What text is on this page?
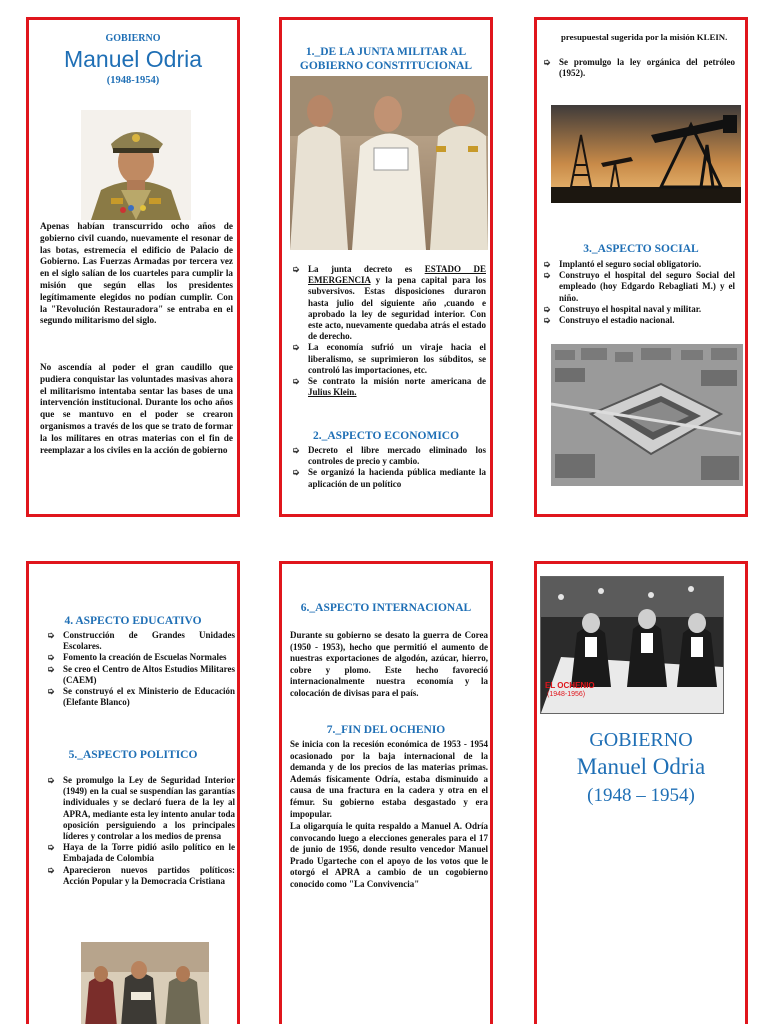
GOBIERNO
Manuel Odria
(1948-1954)
Apenas habían transcurrido ocho años de gobierno civil cuando, nuevamente el resonar de las botas, estremecía el edificio de Palacio de Gobierno. Las Fuerzas Armadas por tercera vez en el siglo salían de los cuarteles para cumplir la misión que según ellas los presidentes legítimamente elegidos no podían cumplir. Con la "Revolución Restauradora" se entraba en el segundo militarismo del siglo.
No ascendía al poder el gran caudillo que pudiera conquistar las voluntades masivas ahora el militarismo intentaba sentar las bases de una intervención institucional. Durante los ocho años que se mantuvo en el poder se crearon organismos a través de los que se trato de formar la los militares en otras materias con el fin de reemplazar a los civiles en la acción de gobierno
1._DE LA JUNTA MILITAR AL GOBIERNO CONSTITUCIONAL
➭ La junta decreto es ESTADO DE EMERGENCIA y la pena capital para los subversivos. Estas disposiciones duraron hasta julio del siguiente año ,cuando e aprobado la ley de seguridad interior. Con este acto, nuevamente quedaba atrás el estado de derecho.
➭ La economía sufrió un viraje hacia el liberalismo, se suprimieron los súbditos, se controló las importaciones, etc.
➭ Se contrato la misión norte americana de Julius Klein.
2._ASPECTO ECONOMICO
➭ Decreto el libre mercado eliminado los controles de precio y cambio.
➭ Se organizó la hacienda pública mediante la aplicación de un político
presupuestal sugerida por la misión KLEIN.
➭ Se promulgo la ley orgánica del petróleo (1952).
3._ASPECTO SOCIAL
➭ Implantó el seguro social obligatorio.
➭ Construyo el hospital del seguro Social del empleado (hoy Edgardo Rebagliati M.) y el niño.
➭ Construyo el hospital naval y militar.
➭ Construyo el estadio nacional.
4. ASPECTO EDUCATIVO
➭ Construcción de Grandes Unidades Escolares.
➭ Fomento la creación de Escuelas Normales
➭ Se creo el Centro de Altos Estudios Militares (CAEM)
➭ Se construyó el ex Ministerio de Educación (Elefante Blanco)
5._ASPECTO POLITICO
➭ Se promulgo la Ley de Seguridad Interior (1949) en la cual se suspendían las garantías individuales y se declaró fuera de la ley al APRA, mediante esta ley intento anular toda oposición persiguiendo a los principales líderes y controlar a los medios de prensa
➭ Haya de la Torre pidió asilo político en le Embajada de Colombia
➭ Aparecieron nuevos partidos políticos: Acción Popular y la Democracia Cristiana
6._ASPECTO INTERNACIONAL
Durante su gobierno se desato la guerra de Corea (1950 - 1953), hecho que permitió el aumento de nuestras exportaciones de algodón, azúcar, hierro, cobre y plomo. Este hecho favoreció internacionalmente nuestra economía y la colocación de divisas para el país.
7._FIN DEL OCHENIO
Se inicia con la recesión económica de 1953 - 1954 ocasionado por la baja internacional de la demanda y de los precios de las materias primas. Además físicamente Odría, estaba disminuido a causa de una fractura en la cadera y otra en el fémur. Su gobierno estaba desgastado y era impopular.
La oligarquía le quita respaldo a Manuel A. Odría convocando luego a elecciones generales para el 17 de junio de 1956, donde resulto vencedor Manuel Prado Ugarteche con el apoyo de los votos que le otorgó el APRA a cambio de un cogobierno conocido como "La Convivencia"
EL OCHENIO
(1948-1956)
GOBIERNO
Manuel Odria
(1948 – 1954)
